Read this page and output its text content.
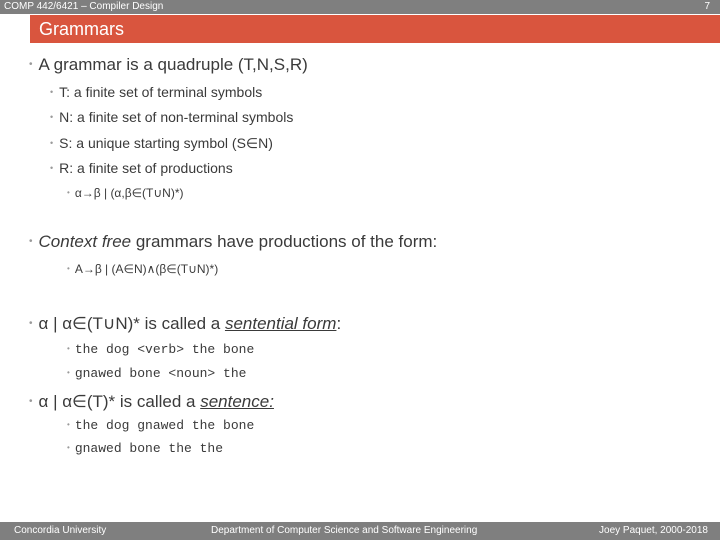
COMP 442/6421 – Compiler Design	7
Grammars
• A grammar is a quadruple (T,N,S,R)
• T: a finite set of terminal symbols
• N: a finite set of non-terminal symbols
• S: a unique starting symbol (S∈N)
• R: a finite set of productions
• α→β | (α,β∈(T∪N)*)
• Context free grammars have productions of the form:
• A→β | (A∈N)∧(β∈(T∪N)*)
• α | α∈(T∪N)* is called a sentential form:
• the dog <verb> the bone
• gnawed bone <noun> the
• α | α∈(T)* is called a sentence:
• the dog gnawed the bone
• gnawed bone the the
Concordia University	Department of Computer Science and Software Engineering	Joey Paquet, 2000-2018
